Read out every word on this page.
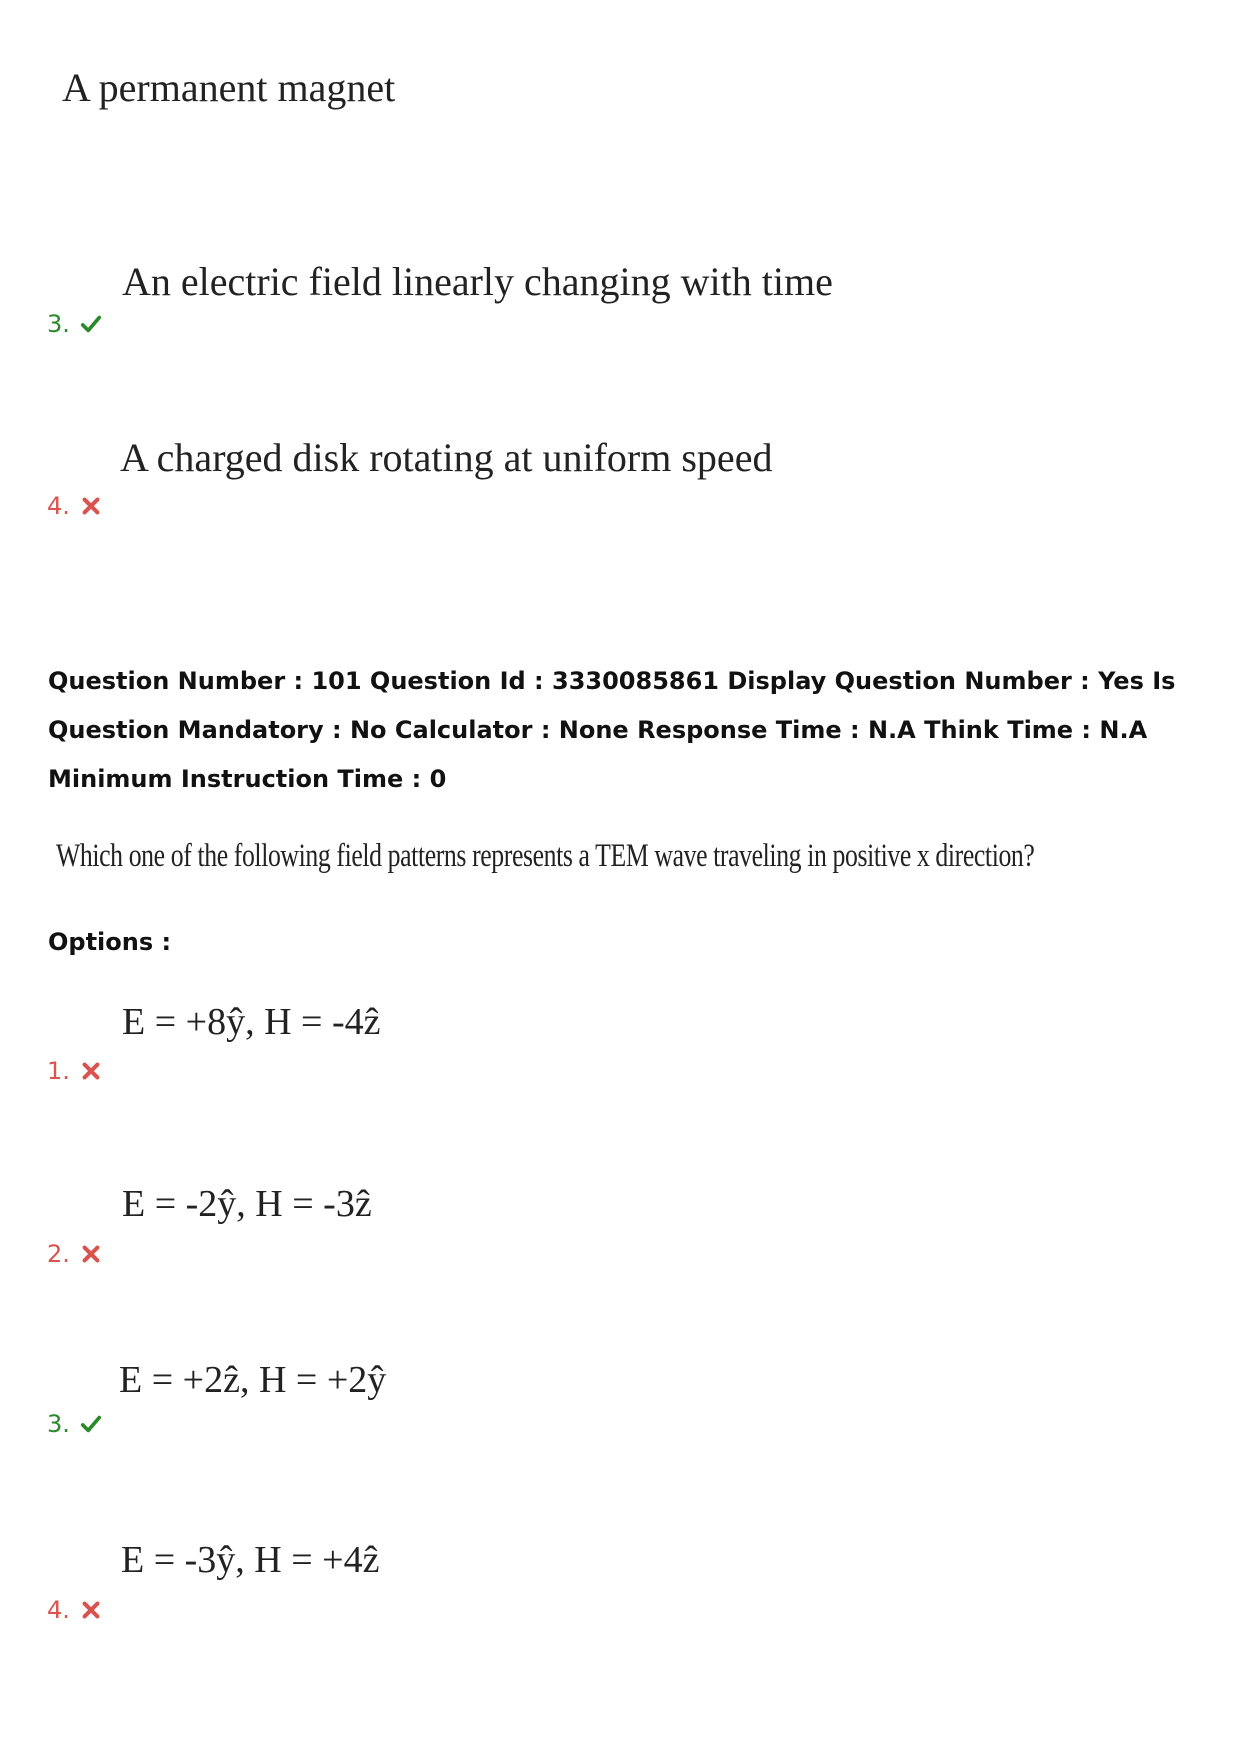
A permanent magnet
An electric field linearly changing with time
3.
A charged disk rotating at uniform speed
4.
Question Number : 101 Question Id : 3330085861 Display Question Number : Yes Is Question Mandatory : No Calculator : None Response Time : N.A Think Time : N.A Minimum Instruction Time : 0
Which one of the following field patterns represents a TEM wave traveling in positive x direction?
Options :
E = +8ŷ, H = -4ẑ
1.
E = -2ŷ, H = -3ẑ
2.
E = +2ẑ, H = +2ŷ
3.
E = -3ŷ, H = +4ẑ
4.
